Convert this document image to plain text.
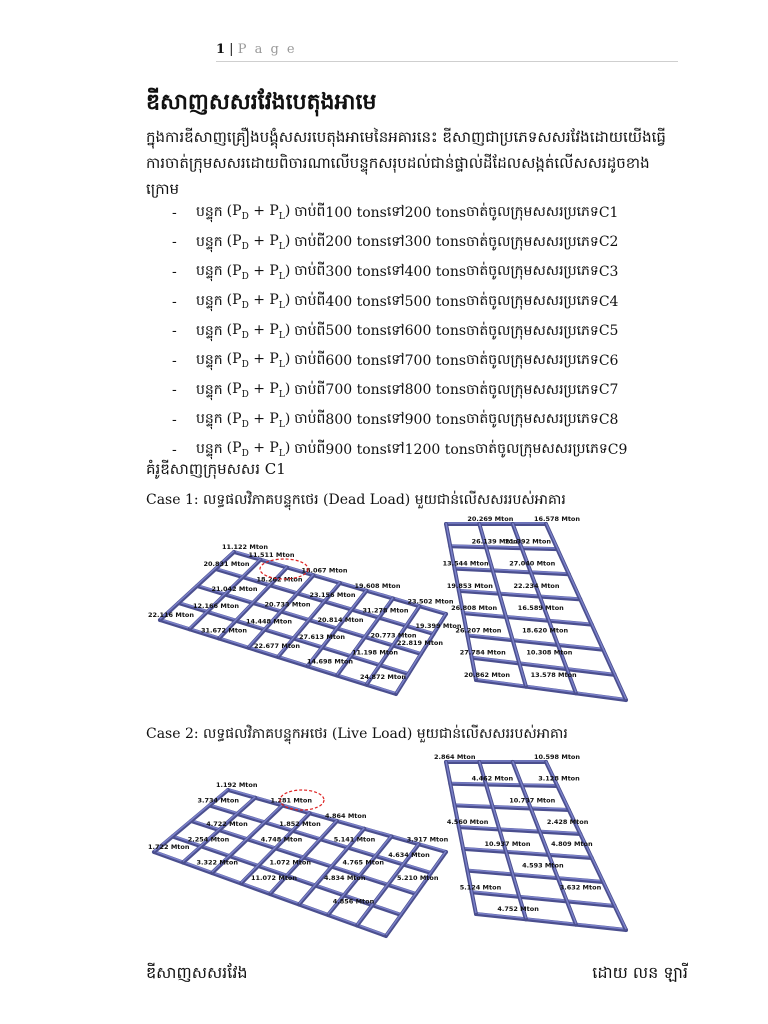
1 | P a g e
ឌីសាញសសរវែងបេតុងអាមេ
ក្នុងការឌីសាញគ្រឿងបង្គុំសសរបេតុងអាមេនៃអគារនេះ ឌីសាញជាប្រភេទសសរវែងដោយយើងធ្វើការចាត់ក្រុមសសរដោយពិចារណាលើបន្ទុកសរុបដល់ជាន់ផ្ទាល់ដីដែលសង្កត់លើសសរដូចខាងក្រោម
-	បន្ទុក $(P_D + P_L)$ ចាប់ពី 100 tons ទៅ 200 tons ចាត់ចូលក្រុមសសរប្រភេទ C1
-	បន្ទុក $(P_D + P_L)$ ចាប់ពី 200 tons ទៅ 300 tons ចាត់ចូលក្រុមសសរប្រភេទ C2
-	បន្ទុក $(P_D + P_L)$ ចាប់ពី 300 tons ទៅ 400 tons ចាត់ចូលក្រុមសសរប្រភេទ C3
-	បន្ទុក $(P_D + P_L)$ ចាប់ពី 400 tons ទៅ 500 tons ចាត់ចូលក្រុមសសរប្រភេទ C4
-	បន្ទុក $(P_D + P_L)$ ចាប់ពី 500 tons ទៅ 600 tons ចាត់ចូលក្រុមសសរប្រភេទ C5
-	បន្ទុក $(P_D + P_L)$ ចាប់ពី 600 tons ទៅ 700 tons ចាត់ចូលក្រុមសសរប្រភេទ C6
-	បន្ទុក $(P_D + P_L)$ ចាប់ពី 700 tons ទៅ 800 tons ចាត់ចូលក្រុមសសរប្រភេទ C7
-	បន្ទុក $(P_D + P_L)$ ចាប់ពី 800 tons ទៅ 900 tons ចាត់ចូលក្រុមសសរប្រភេទ C8
-	បន្ទុក $(P_D + P_L)$ ចាប់ពី 900 tons ទៅ 1200 tons ចាត់ចូលក្រុមសសរប្រភេទ C9
គំរូឌីសាញក្រុមសសរ C1
Case 1: លទ្ធផលវិភាគបន្ទុកថេរ (Dead Load) មួយជាន់លើសសររបស់អាគារ
11.122 Mton
11.511 Mton
18.067 Mton
19.608 Mton
23.502 Mton
20.831 Mton
18.262 Mton
23.156 Mton
31.278 Mton
19.399 Mton
21.042 Mton
20.733 Mton
20.814 Mton
20.773 Mton
22.819 Mton
12.166 Mton
14.448 Mton
27.613 Mton
11.198 Mton
22.116 Mton
31.672 Mton
22.677 Mton
14.698 Mton
24.872 Mton
20.269 Mton	16.578 Mton
26.139 Mton
21.392 Mton
13.544 Mton	27.040 Mton
19.853 Mton	22.234 Mton
26.808 Mton	16.589 Mton
26.207 Mton	18.620 Mton
27.784 Mton	10.308 Mton
20.862 Mton	13.578 Mton
Case 2: លទ្ធផលវិភាគបន្ទុកអថេរ (Live Load) មួយជាន់លើសសររបស់អាគារ
1.192 Mton
1.281 Mton
4.864 Mton
3.917 Mton
3.734 Mton
1.852 Mton
5.141 Mton
4.634 Mton
4.722 Mton
4.748 Mton
4.765 Mton
5.210 Mton
2.254 Mton
1.072 Mton
4.834 Mton
1.722 Mton
3.322 Mton
11.072 Mton
4.856 Mton
2.864 Mton	10.598 Mton
4.462 Mton	3.128 Mton
10.737 Mton
4.560 Mton	2.428 Mton
10.937 Mton	4.809 Mton
4.593 Mton
5.124 Mton	3.632 Mton
4.752 Mton
ឌីសាញសសរវែង	ដោយ លន ឡារី
